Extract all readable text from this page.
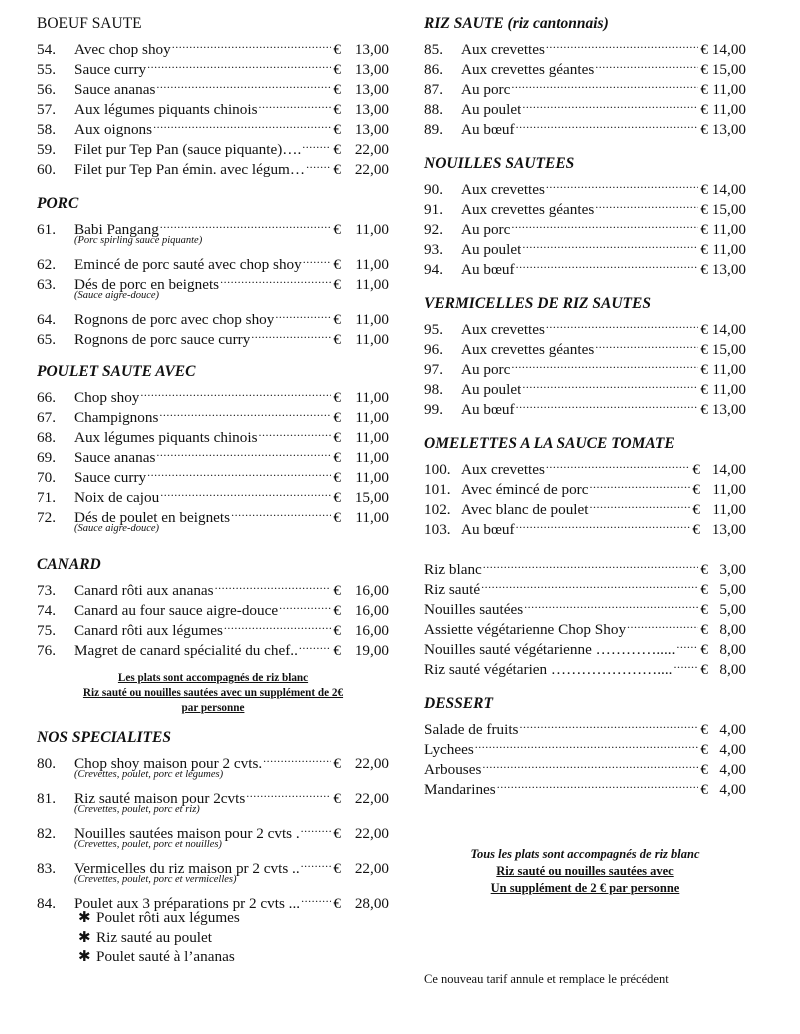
BOEUF SAUTE
54.	Avec chop shoy .....	€ 13,00
55.	Sauce curry .....	€ 13,00
56.	Sauce ananas .....	€ 13,00
57.	Aux légumes piquants chinois .....	€ 13,00
58.	Aux oignons .....	€ 13,00
59.	Filet pur Tep Pan (sauce piquante)…. ..... € 22,00
60.	Filet pur Tep Pan émin. avec légum… ..... € 22,00
PORC
61.	Babi Pangang .....	€ 11,00
(Porc spirling sauce piquante)
62.	Emincé de porc sauté avec chop shoy ..... € 11,00
63.	Dés de porc en beignets .....	€ 11,00
(Sauce aigre-douce)
64.	Rognons de porc avec chop shoy .....	€ 11,00
65.	Rognons de porc sauce curry .....	€ 11,00
POULET SAUTE AVEC
66.	Chop shoy .....	€ 11,00
67.	Champignons .....	€ 11,00
68.	Aux légumes piquants chinois .....	€ 11,00
69.	Sauce ananas .....	€ 11,00
70.	Sauce curry .....	€ 11,00
71.	Noix de cajou .....	€ 15,00
72.	Dés de poulet en beignets .....	€ 11,00
(Sauce aigre-douce)
CANARD
73.	Canard rôti aux ananas .....	€ 16,00
74.	Canard au four sauce aigre-douce .....	€ 16,00
75.	Canard rôti aux légumes .....	€ 16,00
76.	Magret de canard spécialité du chef.. ..... € 19,00
Les plats sont accompagnés de riz blanc
Riz sauté ou nouilles sautées avec un supplément de 2€
par personne
NOS SPECIALITES
80.	Chop shoy maison pour 2 cvts. .....	€ 22,00
(Crevettes, poulet, porc et légumes)
81.	Riz sauté maison pour 2cvts .....	€ 22,00
(Crevettes, poulet, porc et riz)
82.	Nouilles sautées maison pour 2 cvts . ..... € 22,00
(Crevettes, poulet, porc et nouilles)
83.	Vermicelles du riz maison pr 2 cvts .. ..... € 22,00
(Crevettes, poulet, porc et vermicelles)
84.	Poulet aux 3 préparations pr 2 cvts ... ..... € 28,00
✱ Poulet rôti aux légumes
✱ Riz sauté au poulet
✱ Poulet sauté à l’ananas
RIZ SAUTE (riz cantonnais)
85.	Aux crevettes .....	€ 14,00
86.	Aux crevettes géantes .....	€ 15,00
87.	Au porc .....	€ 11,00
88.	Au poulet .....	€ 11,00
89.	Au bœuf .....	€ 13,00
NOUILLES SAUTEES
90.	Aux crevettes .....	€ 14,00
91.	Aux crevettes géantes .....	€ 15,00
92.	Au porc .....	€ 11,00
93.	Au poulet .....	€ 11,00
94.	Au bœuf .....	€ 13,00
VERMICELLES DE RIZ SAUTES
95.	Aux crevettes .....	€ 14,00
96.	Aux crevettes géantes .....	€ 15,00
97.	Au porc .....	€ 11,00
98.	Au poulet .....	€ 11,00
99.	Au bœuf .....	€ 13,00
OMELETTES A LA SAUCE TOMATE
100. Aux crevettes .....	€ 14,00
101. Avec émincé de porc .....	€ 11,00
102. Avec blanc de poulet .....	€ 11,00
103. Au bœuf .....	€ 13,00
Riz blanc .....	€ 3,00
Riz sauté .....	€ 5,00
Nouilles sautées .....	€ 5,00
Assiette végétarienne Chop Shoy .....	€ 8,00
Nouilles sauté végétarienne …………..... ..... € 8,00
Riz sauté végétarien ………………….... ..... € 8,00
DESSERT
Salade de fruits .....	€ 4,00
Lychees .....	€ 4,00
Arbouses .....	€ 4,00
Mandarines .....	€ 4,00
Tous les plats sont accompagnés de riz blanc
Riz sauté ou nouilles sautées avec
Un supplément de 2 € par personne
Ce nouveau tarif annule et remplace le précédent
